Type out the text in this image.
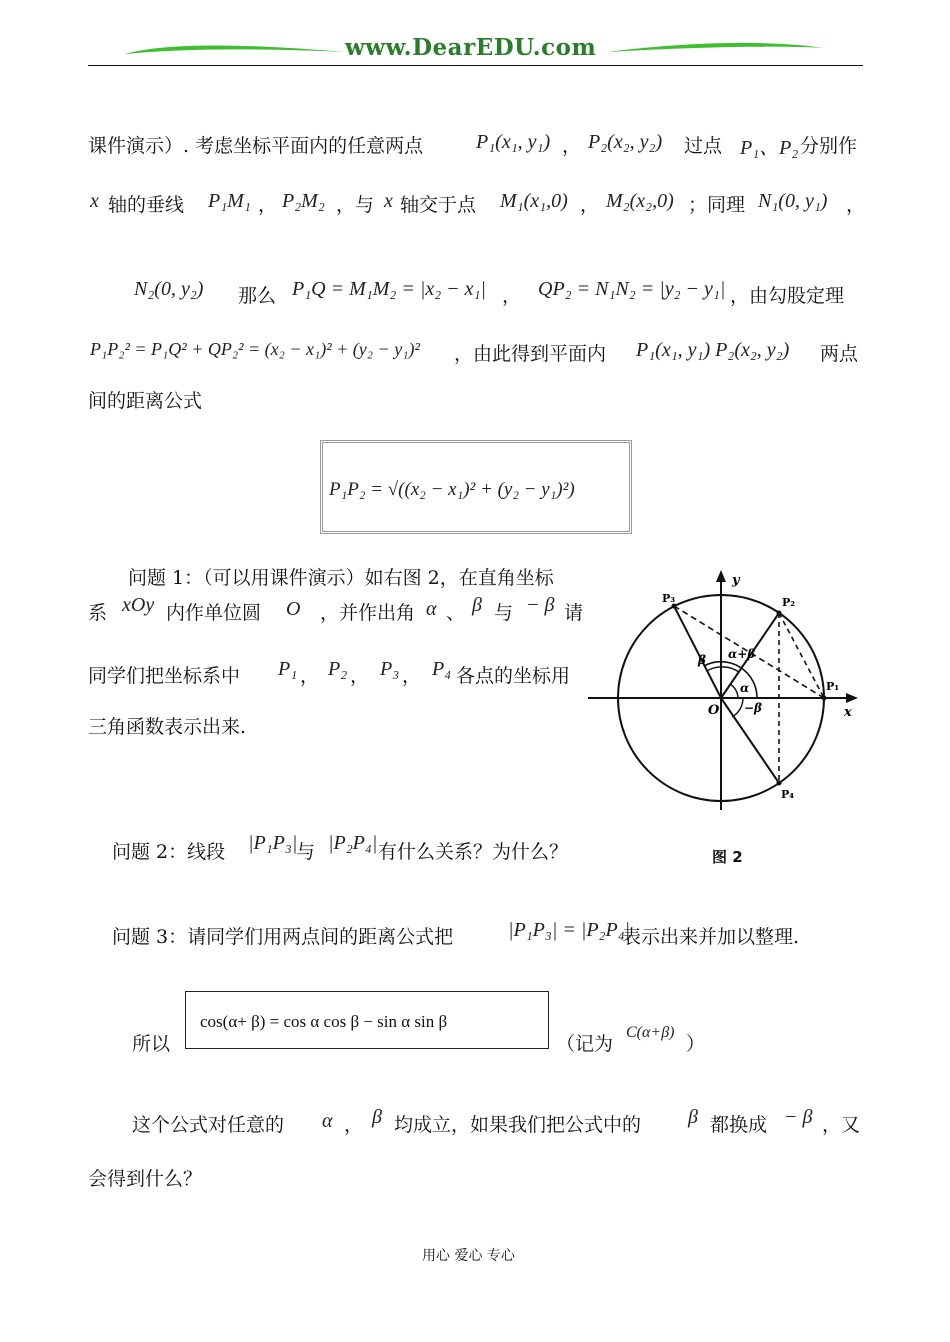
www.DearEDU.com
课件演示）. 考虑坐标平面内的任意两点	P₁(x₁, y₁) ， P₂(x₂, y₂) 过点 P₁、P₂ 分别作
x 轴的垂线 P₁M₁ ， P₂M₂ ，与 x 轴交于点 M₁(x₁,0) ， M₂(x₂,0) ；同理 N₁(0, y₁) ，
N₂(0, y₂) 那么 P₁Q = M₁M₂ = |x₂ − x₁| ， QP₂ = N₁N₂ = |y₂ − y₁| ，由勾股定理
P₁P₂² = P₁Q² + QP₂² = (x₂ − x₁)² + (y₂ − y₁)² ，由此得到平面内 P₁(x₁, y₁) P₂(x₂, y₂) 两点
间的距离公式
P₁P₂ = √((x₂ − x₁)² + (y₂ − y₁)²)
问题 1：（可以用课件演示）如右图 2，在直角坐标
系 xOy 内作单位圆 O ，并作出角 α 、 β 与 − β 请
同学们把坐标系中 P₁ ， P₂ ， P₃ ， P₄ 各点的坐标用
三角函数表示出来.
y
x
O
P₁
P₂
P₃
P₄
α+β
β
α
−β
图 2
问题 2：线段 |P₁P₃|
与 |P₂P₄| 有什么关系？为什么？
问题 3：请同学们用两点间的距离公式把	|P₁P₃| = |P₂P₄|
表示出来并加以整理.
所以
cos(α+ β) = cos α cos β − sin α sin β
（记为
C(α+β)
）
这个公式对任意的 α ， β 均成立，如果我们把公式中的 β 都换成 − β ，又
会得到什么？
用心 爱心 专心
